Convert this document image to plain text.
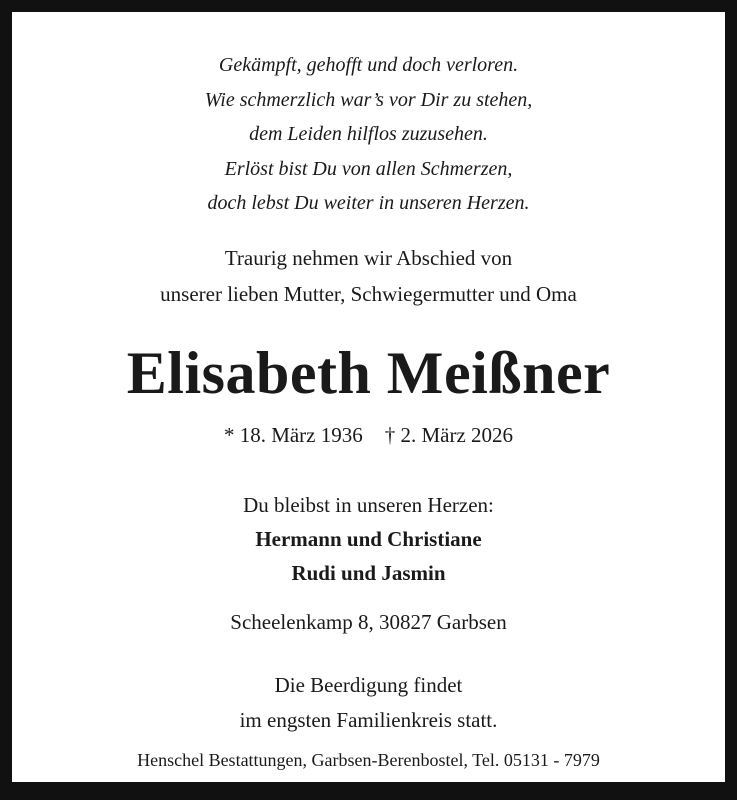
Gekämpft, gehofft und doch verloren.
Wie schmerzlich war’s vor Dir zu stehen,
dem Leiden hilflos zuzusehen.
Erlöst bist Du von allen Schmerzen,
doch lebst Du weiter in unseren Herzen.
Traurig nehmen wir Abschied von
unserer lieben Mutter, Schwiegermutter und Oma
Elisabeth Meißner
* 18. März 1936 † 2. März 2026
Du bleibst in unseren Herzen:
Hermann und Christiane
Rudi und Jasmin
Scheelenkamp 8, 30827 Garbsen
Die Beerdigung findet
im engsten Familienkreis statt.
Henschel Bestattungen, Garbsen-Berenbostel, Tel. 05131 - 7979
